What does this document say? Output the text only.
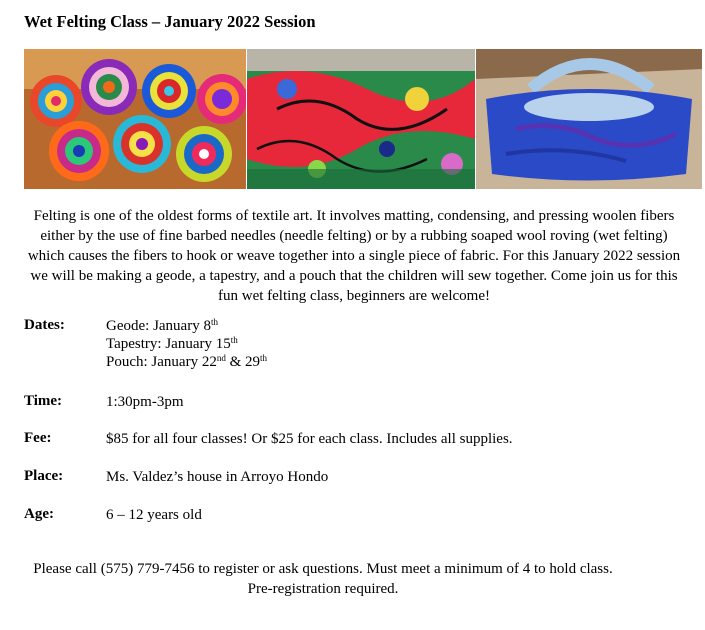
Wet Felting Class – January 2022 Session
Felting is one of the oldest forms of textile art. It involves matting, condensing, and pressing woolen fibers either by the use of fine barbed needles (needle felting) or by a rubbing soaped wool roving (wet felting) which causes the fibers to hook or weave together into a single piece of fabric. For this January 2022 session we will be making a geode, a tapestry, and a pouch that the children will sew together. Come join us for this fun wet felting class, beginners are welcome!
Dates:	Geode: January 8th
Tapestry: January 15th
Pouch: January 22nd & 29th
Time:	1:30pm-3pm
Fee:	$85 for all four classes! Or $25 for each class. Includes all supplies.
Place:	Ms. Valdez’s house in Arroyo Hondo
Age:	6 – 12 years old
Please call (575) 779-7456 to register or ask questions. Must meet a minimum of 4 to hold class. Pre-registration required.
